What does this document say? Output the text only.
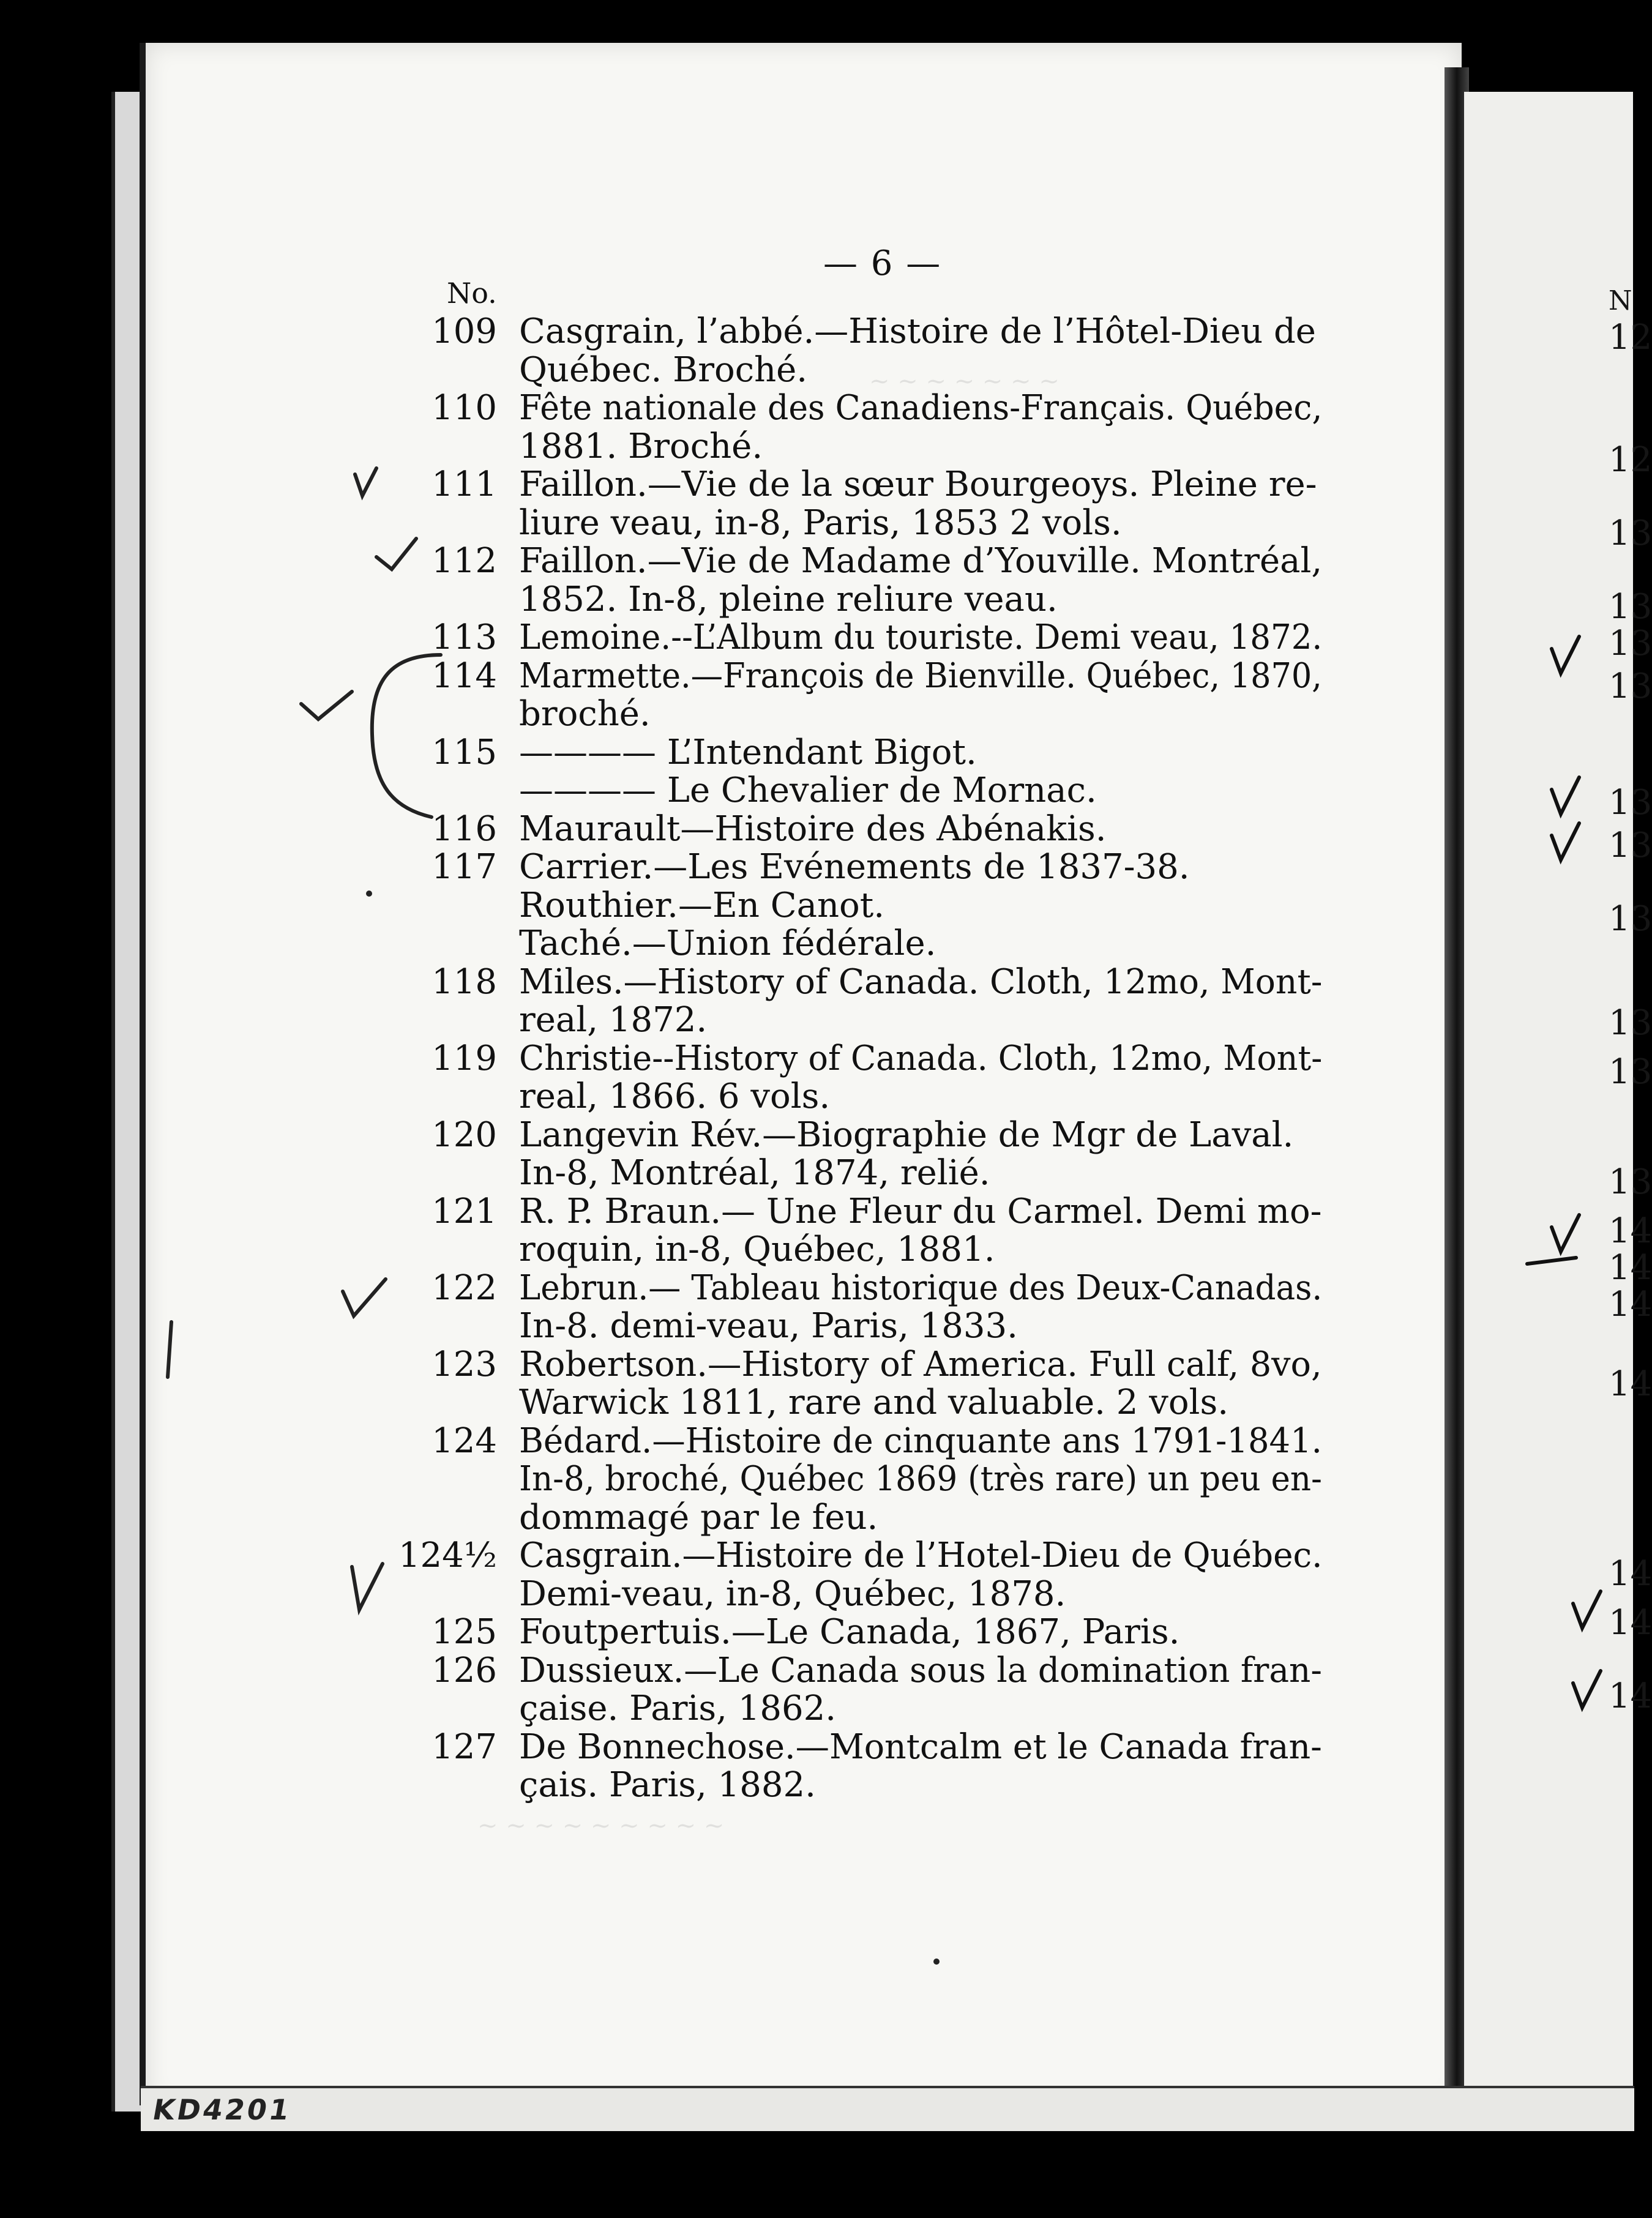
KD4201
~ ~ ~ ~ ~ ~ ~
~ ~ ~ ~ ~ ~ ~ ~ ~
— 6 —
No.
109 Casgrain, l’abbé.—Histoire de l’Hôtel-Dieu de
Québec. Broché.
110 Fête nationale des Canadiens-Français. Québec,
1881. Broché.
111 Faillon.—Vie de la sœur Bourgeoys. Pleine re-
liure veau, in-8, Paris, 1853 2 vols.
112 Faillon.—Vie de Madame d’Youville. Montréal,
1852. In-8, pleine reliure veau.
113 Lemoine.--L’Album du touriste. Demi veau, 1872.
114 Marmette.—François de Bienville. Québec, 1870,
broché.
115 ———— L’Intendant Bigot.
———— Le Chevalier de Mornac.
116 Maurault—Histoire des Abénakis.
117 Carrier.—Les Evénements de 1837-38.
Routhier.—En Canot.
Taché.—Union fédérale.
118 Miles.—History of Canada. Cloth, 12mo, Mont-
real, 1872.
119 Christie--History of Canada. Cloth, 12mo, Mont-
real, 1866. 6 vols.
120 Langevin Rév.—Biographie de Mgr de Laval.
In-8, Montréal, 1874, relié.
121 R. P. Braun.— Une Fleur du Carmel. Demi mo-
roquin, in-8, Québec, 1881.
122 Lebrun.— Tableau historique des Deux-Canadas.
In-8. demi-veau, Paris, 1833.
123 Robertson.—History of America. Full calf, 8vo,
Warwick 1811, rare and valuable. 2 vols.
124 Bédard.—Histoire de cinquante ans 1791-1841.
In-8, broché, Québec 1869 (très rare) un peu en-
dommagé par le feu.
124½ Casgrain.—Histoire de l’Hotel-Dieu de Québec.
Demi-veau, in-8, Québec, 1878.
125 Foutpertuis.—Le Canada, 1867, Paris.
126 Dussieux.—Le Canada sous la domination fran-
çaise. Paris, 1862.
127 De Bonnechose.—Montcalm et le Canada fran-
çais. Paris, 1882.
N
12
12
13
13
13
13
13
13
13
13
13
13
14
14
14
14
14
14
14
